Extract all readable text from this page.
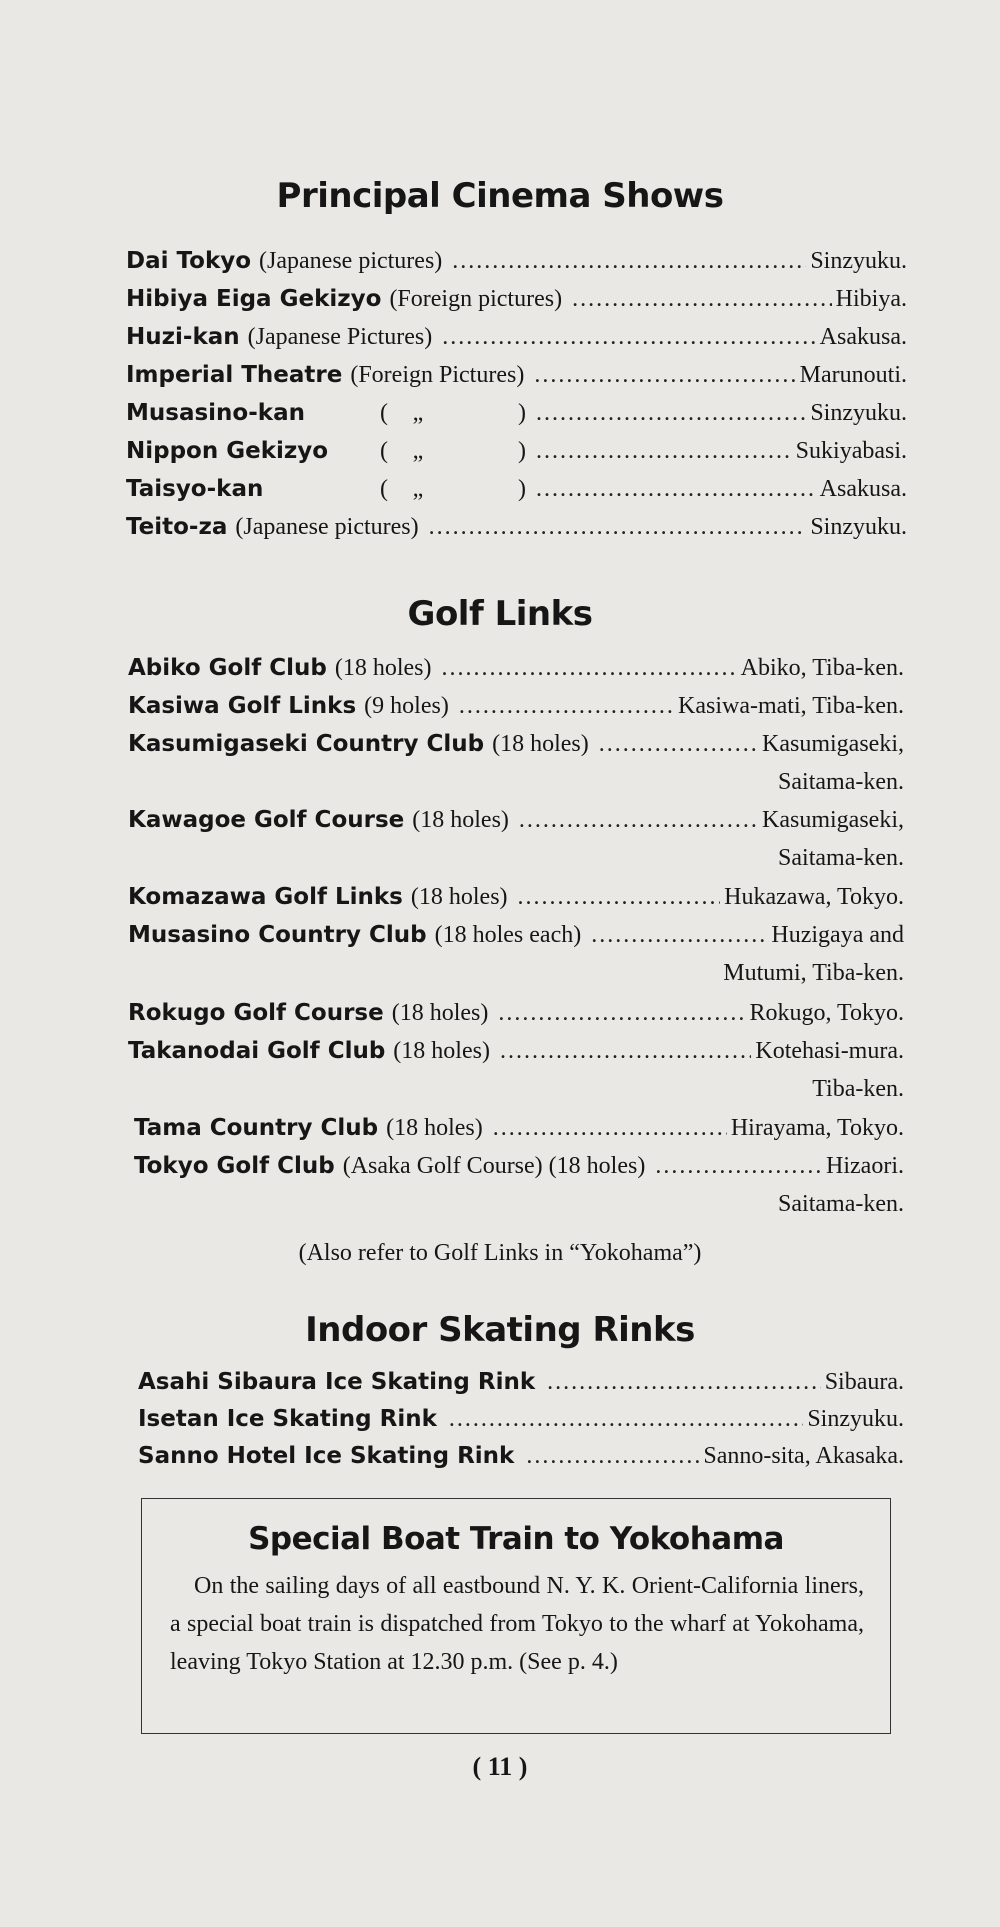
Principal Cinema Shows
Dai Tokyo (Japanese pictures) .....	Sinzyuku.
Hibiya Eiga Gekizyo (Foreign pictures) .....	Hibiya.
Huzi-kan (Japanese Pictures) .....	Asakusa.
Imperial Theatre (Foreign Pictures) .....	Marunouti.
Musasino-kan	( „	) .....	Sinzyuku.
Nippon Gekizyo	( „	) .....	Sukiyabasi.
Taisyo-kan	( „	) .....	Asakusa.
Teito-za (Japanese pictures) .....	Sinzyuku.
Golf Links
Abiko Golf Club (18 holes) .....	Abiko, Tiba-ken.
Kasiwa Golf Links (9 holes) .....	Kasiwa-mati, Tiba-ken.
Kasumigaseki Country Club (18 holes) .....	Kasumigaseki,
Saitama-ken.
Kawagoe Golf Course (18 holes) .....	Kasumigaseki,
Saitama-ken.
Komazawa Golf Links (18 holes) .....	Hukazawa, Tokyo.
Musasino Country Club (18 holes each) .....	Huzigaya and
Mutumi, Tiba-ken.
Rokugo Golf Course (18 holes) .....	Rokugo, Tokyo.
Takanodai Golf Club (18 holes) .....	Kotehasi-mura.
Tiba-ken.
Tama Country Club (18 holes) .....	Hirayama, Tokyo.
Tokyo Golf Club (Asaka Golf Course) (18 holes) .....	Hizaori.
Saitama-ken.
(Also refer to Golf Links in “Yokohama”)
Indoor Skating Rinks
Asahi Sibaura Ice Skating Rink .....	Sibaura.
Isetan Ice Skating Rink .....	Sinzyuku.
Sanno Hotel Ice Skating Rink .....	Sanno-sita, Akasaka.
Special Boat Train to Yokohama

On the sailing days of all eastbound N. Y. K. Orient-California liners, a special boat train is dispatched from Tokyo to the wharf at Yokohama, leaving Tokyo Station at 12.30 p.m. (See p. 4.)

( 11 )
